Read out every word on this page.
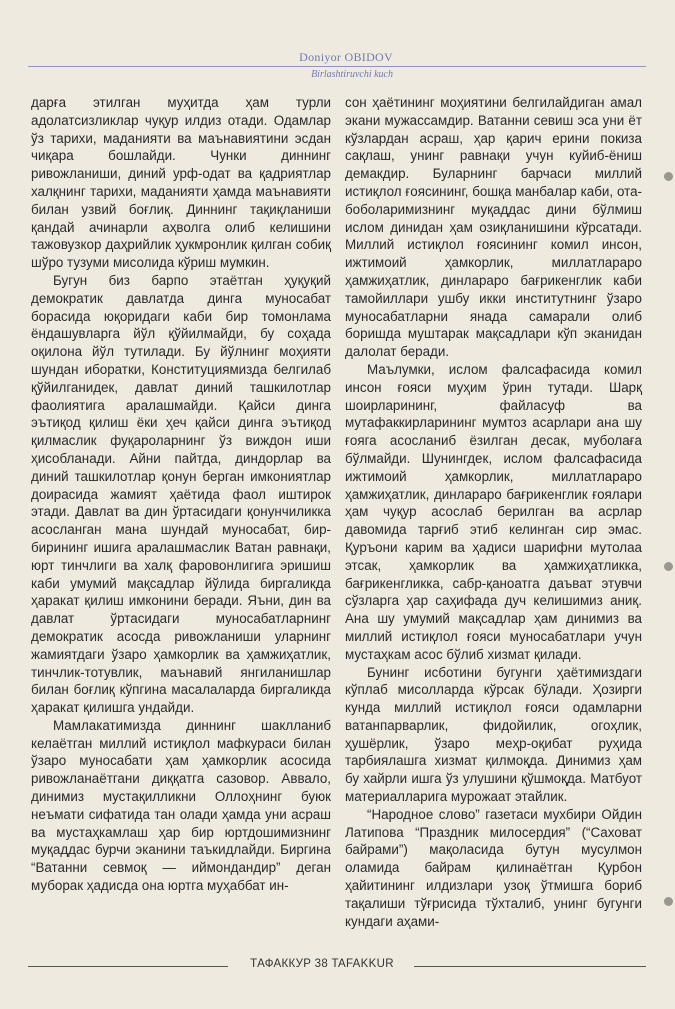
Doniyor OBIDOV
Birlashtiruvchi kuch

дарға этилган муҳитда ҳам турли адолатсизликлар чуқур илдиз отади. Одамлар ўз тарихи, маданияти ва маънавиятини эсдан чиқара бошлайди. Чунки диннинг ривожланиши, диний урф-одат ва қадриятлар халқнинг тарихи, маданияти ҳамда маънавияти билан узвий боғлиқ. Диннинг тақиқланиши қандай ачинарли аҳволга олиб келишини тажовузкор даҳрийлик ҳукмронлик қилган собиқ шўро тузуми мисолида кўриш мумкин.

Бугун биз барпо этаётган ҳуқуқий демократик давлатда динга муносабат борасида юқоридаги каби бир томонлама ёндашувларга йўл қўйилмайди, бу соҳада оқилона йўл тутилади. Бу йўлнинг моҳияти шундан иборатки, Конституциямизда белгилаб қўйилганидек, давлат диний ташкилотлар фаолиятига аралашмайди. Қайси динга эътиқод қилиш ёки ҳеч қайси динга эътиқод қилмаслик фуқароларнинг ўз виждон иши ҳисобланади. Айни пайтда, диндорлар ва диний ташкилотлар қонун берган имкониятлар доирасида жамият ҳаётида фаол иштирок этади. Давлат ва дин ўртасидаги қонунчиликка асосланган мана шундай муносабат, бир-бирининг ишига аралашмаслик Ватан равнақи, юрт тинчлиги ва халқ фаровонлигига эришиш каби умумий мақсадлар йўлида биргаликда ҳаракат қилиш имконини беради. Яъни, дин ва давлат ўртасидаги муносабатларнинг демократик асосда ривожланиши уларнинг жамиятдаги ўзаро ҳамкорлик ва ҳамжиҳатлик, тинчлик-тотувлик, маънавий янгиланишлар билан боғлиқ кўпгина масалаларда биргаликда ҳаракат қилишга ундайди.

Мамлакатимизда диннинг шаклланиб келаётган миллий истиқлол мафкураси билан ўзаро муносабати ҳам ҳамкорлик асосида ривожланаётгани диққатга сазовор. Аввало, динимиз мустақилликни Оллоҳнинг буюк неъмати сифатида тан олади ҳамда уни асраш ва мустаҳкамлаш ҳар бир юртдошимизнинг муқаддас бурчи эканини таъкидлайди. Биргина “Ватанни севмоқ — иймондандир” деган муборак ҳадисда она юртга муҳаббат ин-

сон ҳаётининг моҳиятини белгилайдиган амал экани мужассамдир. Ватанни севиш эса уни ёт кўзлардан асраш, ҳар қарич ерини покиза сақлаш, унинг равнақи учун куйиб-ёниш демакдир. Буларнинг барчаси миллий истиқлол ғоясининг, бошқа манбалар каби, ота-боболаримизнинг муқаддас дини бўлмиш ислом динидан ҳам озиқланишини кўрсатади. Миллий истиқлол ғоясининг комил инсон, ижтимоий ҳамкорлик, миллатлараро ҳамжиҳатлик, динлараро бағрикенглик каби тамойиллари ушбу икки институтнинг ўзаро муносабатларни янада самарали олиб боришда муштарак мақсадлари кўп эканидан далолат беради.

Маълумки, ислом фалсафасида комил инсон ғояси муҳим ўрин тутади. Шарқ шоирларининг, файласуф ва мутафаккирларининг мумтоз асарлари ана шу ғояга асосланиб ёзилган десак, муболаға бўлмайди. Шунингдек, ислом фалсафасида ижтимоий ҳамкорлик, миллатлараро ҳамжиҳатлик, динлараро бағрикенглик ғоялари ҳам чуқур асослаб берилган ва асрлар давомида тарғиб этиб келинган сир эмас. Қуръони карим ва ҳадиси шарифни мутолаа этсак, ҳамкорлик ва ҳамжиҳатликка, бағрикенгликка, сабр-қаноатга даъват этувчи сўзларга ҳар саҳифада дуч келишимиз аниқ. Ана шу умумий мақсадлар ҳам динимиз ва миллий истиқлол ғояси муносабатлари учун мустаҳкам асос бўлиб хизмат қилади.

Бунинг исботини бугунги ҳаётимиздаги кўплаб мисолларда кўрсак бўлади. Ҳозирги кунда миллий истиқлол ғояси одамларни ватанпарварлик, фидойилик, огоҳлик, ҳушёрлик, ўзаро меҳр-оқибат руҳида тарбиялашга хизмат қилмоқда. Динимиз ҳам бу хайрли ишга ўз улушини қўшмоқда. Матбуот материалларига мурожаат этайлик.

“Народное слово” газетаси мухбири Ойдин Латипова “Праздник милосердия” (“Саховат байрами”) мақоласида бутун мусулмон оламида байрам қилинаётган Қурбон ҳайитининг илдизлари узоқ ўтмишга бориб тақалиши тўғрисида тўхталиб, унинг бугунги кундаги аҳами-

ТАФАККУР 38 TAFAKKUR
